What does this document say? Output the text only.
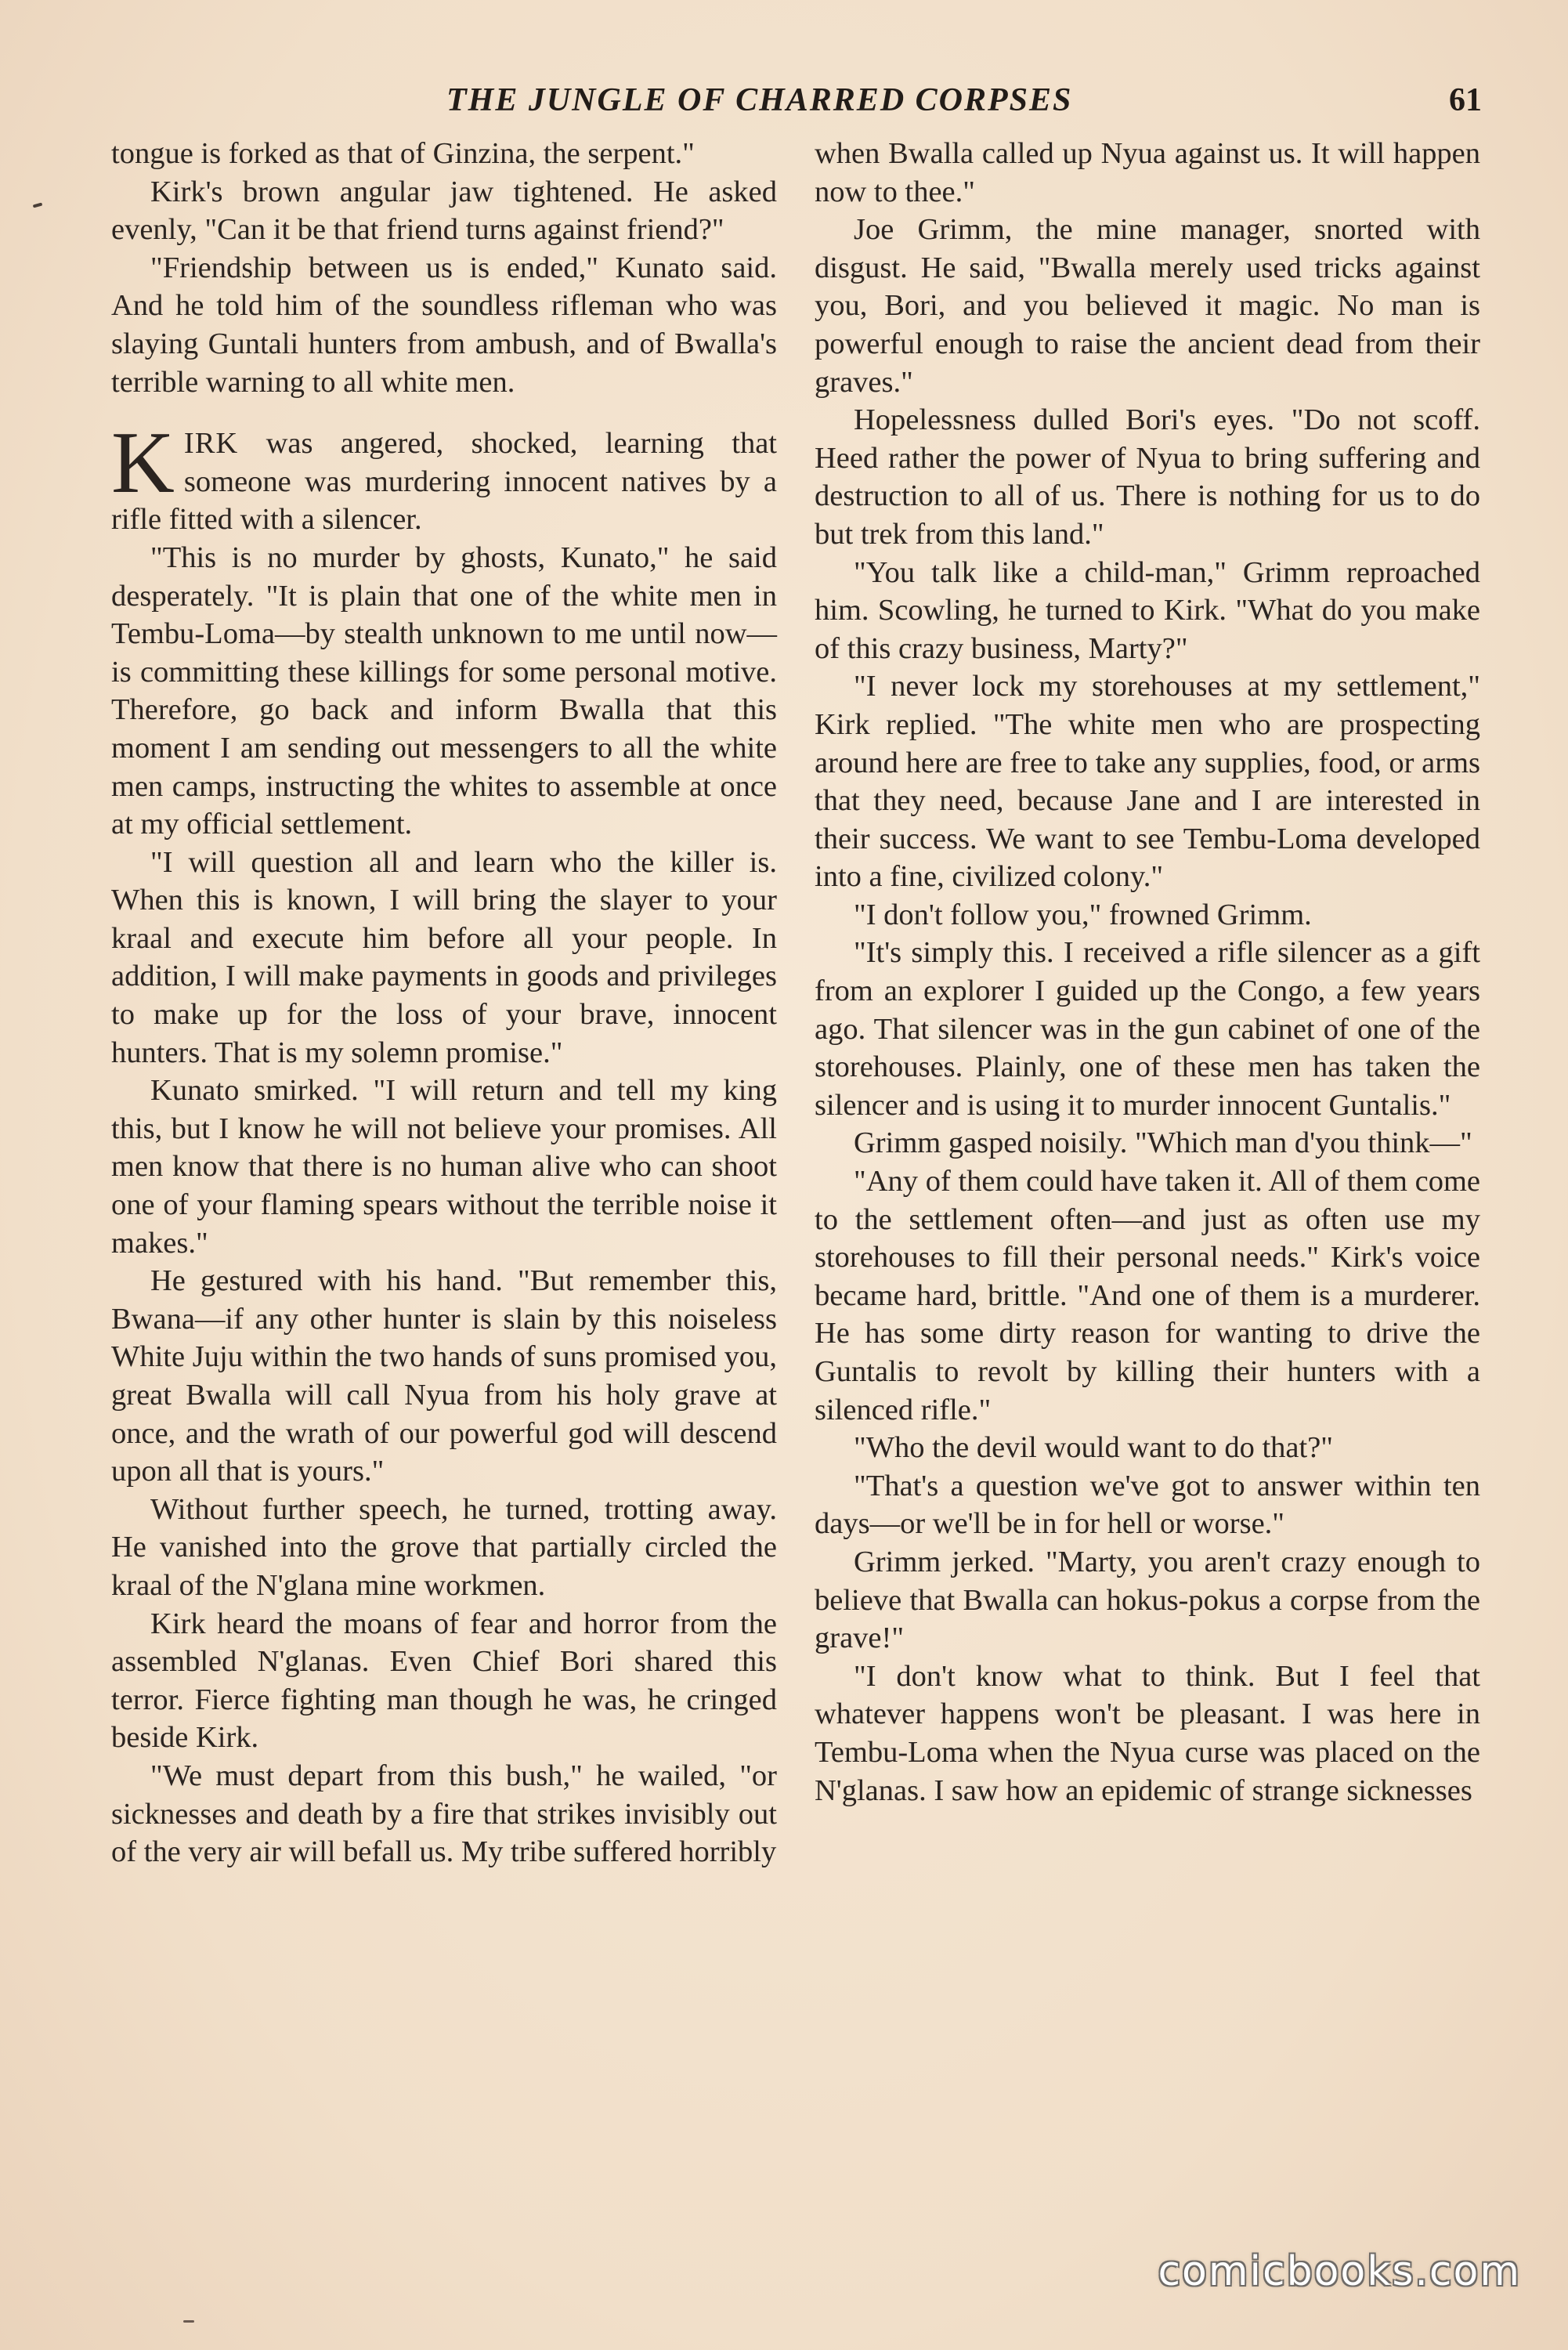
THE JUNGLE OF CHARRED CORPSES	61

tongue is forked as that of Ginzina, the serpent."

Kirk's brown angular jaw tightened. He asked evenly, "Can it be that friend turns against friend?"

"Friendship between us is ended," Kunato said. And he told him of the soundless rifleman who was slaying Guntali hunters from ambush, and of Bwalla's terrible warning to all white men.

KIRK was angered, shocked, learning that someone was murdering innocent natives by a rifle fitted with a silencer.

"This is no murder by ghosts, Kunato," he said desperately. "It is plain that one of the white men in Tembu-Loma—by stealth unknown to me until now—is committing these killings for some personal motive. Therefore, go back and inform Bwalla that this moment I am sending out messengers to all the white men camps, instructing the whites to assemble at once at my official settlement.

"I will question all and learn who the killer is. When this is known, I will bring the slayer to your kraal and execute him before all your people. In addition, I will make payments in goods and privileges to make up for the loss of your brave, innocent hunters. That is my solemn promise."

Kunato smirked. "I will return and tell my king this, but I know he will not believe your promises. All men know that there is no human alive who can shoot one of your flaming spears without the terrible noise it makes."

He gestured with his hand. "But remember this, Bwana—if any other hunter is slain by this noiseless White Juju within the two hands of suns promised you, great Bwalla will call Nyua from his holy grave at once, and the wrath of our powerful god will descend upon all that is yours."

Without further speech, he turned, trotting away. He vanished into the grove that partially circled the kraal of the N'glana mine workmen.

Kirk heard the moans of fear and horror from the assembled N'glanas. Even Chief Bori shared this terror. Fierce fighting man though he was, he cringed beside Kirk.

"We must depart from this bush," he wailed, "or sicknesses and death by a fire that strikes invisibly out of the very air will befall us. My tribe suffered horribly

when Bwalla called up Nyua against us. It will happen now to thee."

Joe Grimm, the mine manager, snorted with disgust. He said, "Bwalla merely used tricks against you, Bori, and you believed it magic. No man is powerful enough to raise the ancient dead from their graves."

Hopelessness dulled Bori's eyes. "Do not scoff. Heed rather the power of Nyua to bring suffering and destruction to all of us. There is nothing for us to do but trek from this land."

"You talk like a child-man," Grimm reproached him. Scowling, he turned to Kirk. "What do you make of this crazy business, Marty?"

"I never lock my storehouses at my settlement," Kirk replied. "The white men who are prospecting around here are free to take any supplies, food, or arms that they need, because Jane and I are interested in their success. We want to see Tembu-Loma developed into a fine, civilized colony."

"I don't follow you," frowned Grimm.

"It's simply this. I received a rifle silencer as a gift from an explorer I guided up the Congo, a few years ago. That silencer was in the gun cabinet of one of the storehouses. Plainly, one of these men has taken the silencer and is using it to murder innocent Guntalis."

Grimm gasped noisily. "Which man d'you think—"

"Any of them could have taken it. All of them come to the settlement often—and just as often use my storehouses to fill their personal needs." Kirk's voice became hard, brittle. "And one of them is a murderer. He has some dirty reason for wanting to drive the Guntalis to revolt by killing their hunters with a silenced rifle."

"Who the devil would want to do that?"

"That's a question we've got to answer within ten days—or we'll be in for hell or worse."

Grimm jerked. "Marty, you aren't crazy enough to believe that Bwalla can hokus-pokus a corpse from the grave!"

"I don't know what to think. But I feel that whatever happens won't be pleasant. I was here in Tembu-Loma when the Nyua curse was placed on the N'glanas. I saw how an epidemic of strange sicknesses

comicbooks.com
